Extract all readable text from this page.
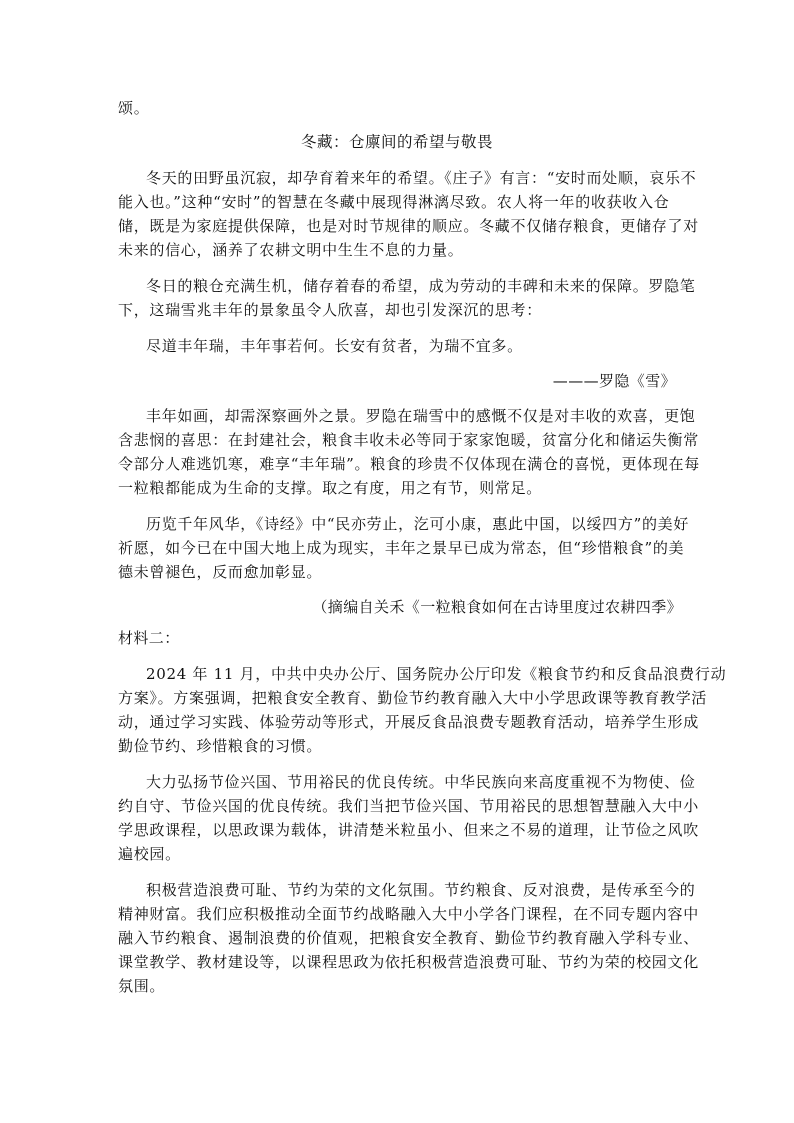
颂。
冬藏：仓廪间的希望与敬畏
冬天的田野虽沉寂，却孕育着来年的希望。《庄子》有言：“安时而处顺，哀乐不
能入也。”这种“安时”的智慧在冬藏中展现得淋漓尽致。农人将一年的收获收入仓
储，既是为家庭提供保障，也是对时节规律的顺应。冬藏不仅储存粮食，更储存了对
未来的信心，涵养了农耕文明中生生不息的力量。
冬日的粮仓充满生机，储存着春的希望，成为劳动的丰碑和未来的保障。罗隐笔
下，这瑞雪兆丰年的景象虽令人欣喜，却也引发深沉的思考：
尽道丰年瑞，丰年事若何。长安有贫者，为瑞不宜多。
———罗隐《雪》
丰年如画，却需深察画外之景。罗隐在瑞雪中的感慨不仅是对丰收的欢喜，更饱
含悲悯的喜思：在封建社会，粮食丰收未必等同于家家饱暖，贫富分化和储运失衡常
令部分人难逃饥寒，难享“丰年瑞”。粮食的珍贵不仅体现在满仓的喜悦，更体现在每
一粒粮都能成为生命的支撑。取之有度，用之有节，则常足。
历览千年风华，《诗经》中“民亦劳止，汔可小康，惠此中国，以绥四方”的美好
祈愿，如今已在中国大地上成为现实，丰年之景早已成为常态，但“珍惜粮食”的美
德未曾褪色，反而愈加彰显。
（摘编自关禾《一粒粮食如何在古诗里度过农耕四季》
材料二：
2024 年 11 月，中共中央办公厅、国务院办公厅印发《粮食节约和反食品浪费行动
方案》。方案强调，把粮食安全教育、勤俭节约教育融入大中小学思政课等教育教学活
动，通过学习实践、体验劳动等形式，开展反食品浪费专题教育活动，培养学生形成
勤俭节约、珍惜粮食的习惯。
大力弘扬节俭兴国、节用裕民的优良传统。中华民族向来高度重视不为物使、俭
约自守、节俭兴国的优良传统。我们当把节俭兴国、节用裕民的思想智慧融入大中小
学思政课程，以思政课为载体，讲清楚米粒虽小、但来之不易的道理，让节俭之风吹
遍校园。
积极营造浪费可耻、节约为荣的文化氛围。节约粮食、反对浪费，是传承至今的
精神财富。我们应积极推动全面节约战略融入大中小学各门课程，在不同专题内容中
融入节约粮食、遏制浪费的价值观，把粮食安全教育、勤俭节约教育融入学科专业、
课堂教学、教材建设等，以课程思政为依托积极营造浪费可耻、节约为荣的校园文化
氛围。
